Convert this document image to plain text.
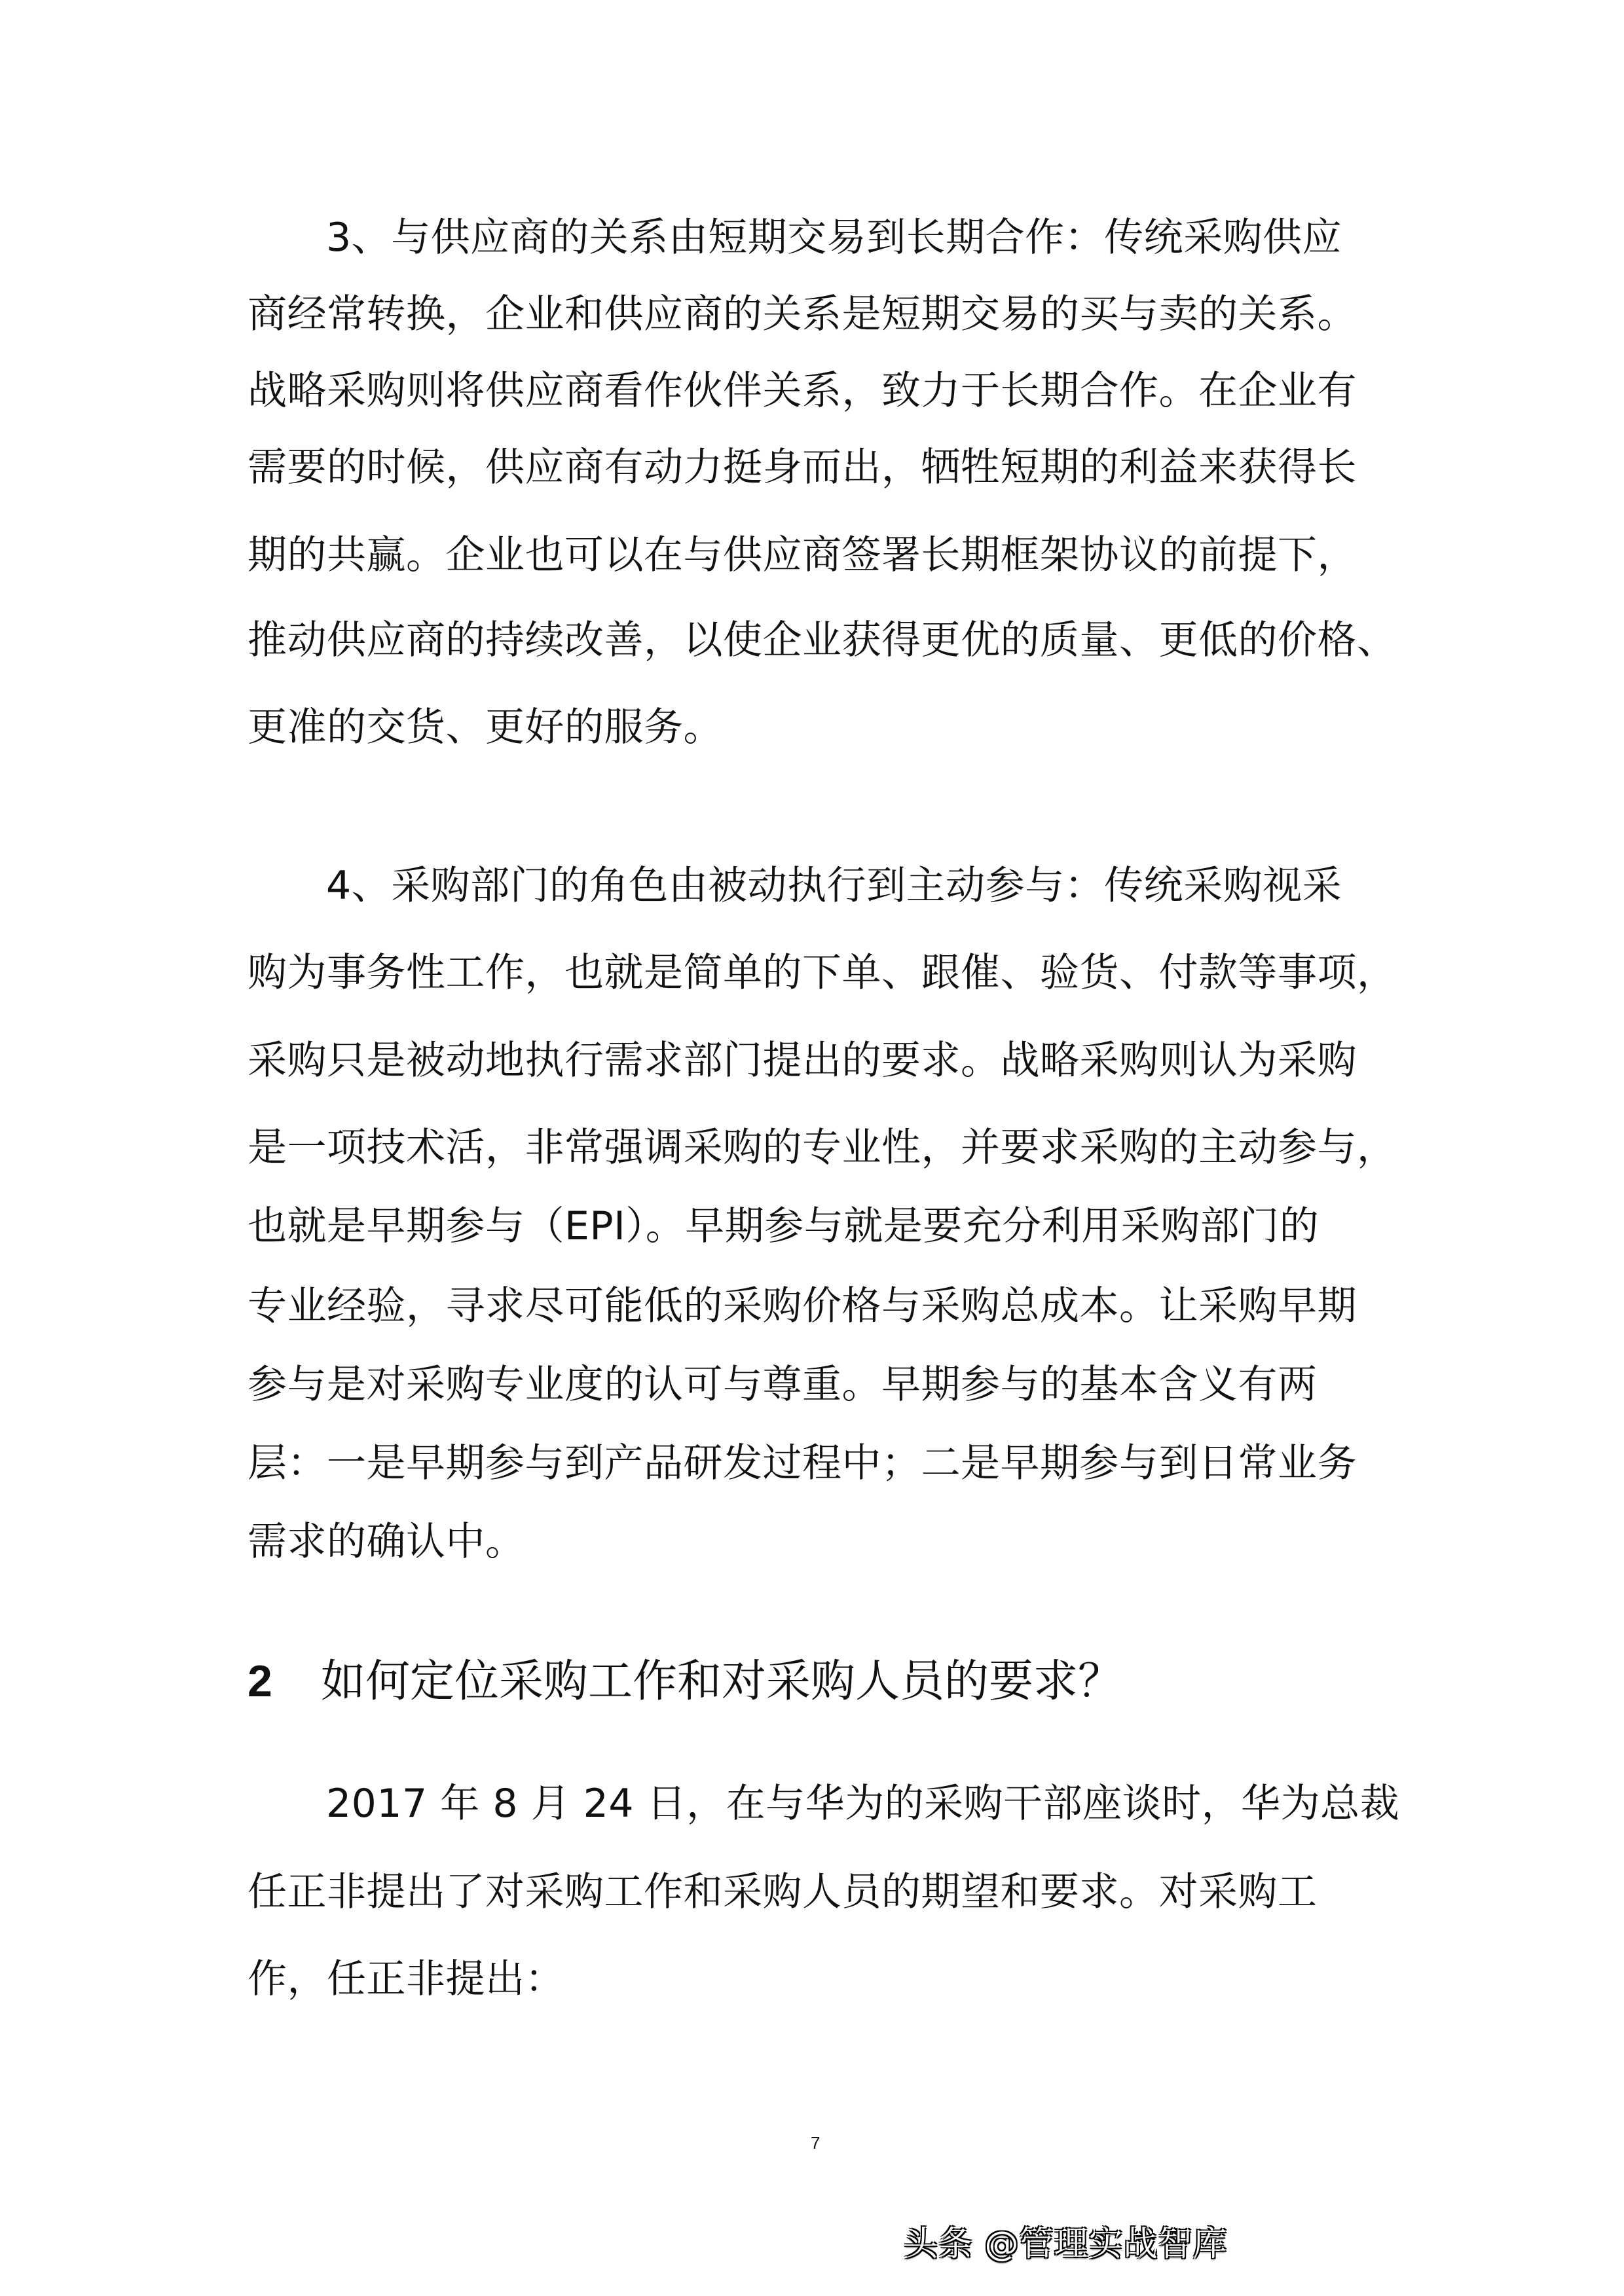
3、与供应商的关系由短期交易到长期合作：传统采购供应
商经常转换，企业和供应商的关系是短期交易的买与卖的关系。
战略采购则将供应商看作伙伴关系，致力于长期合作。在企业有
需要的时候，供应商有动力挺身而出，牺牲短期的利益来获得长
期的共赢。企业也可以在与供应商签署长期框架协议的前提下，
推动供应商的持续改善，以使企业获得更优的质量、更低的价格、
更准的交货、更好的服务。
4、采购部门的角色由被动执行到主动参与：传统采购视采
购为事务性工作，也就是简单的下单、跟催、验货、付款等事项，
采购只是被动地执行需求部门提出的要求。战略采购则认为采购
是一项技术活，非常强调采购的专业性，并要求采购的主动参与，
也就是早期参与（EPI）。早期参与就是要充分利用采购部门的
专业经验，寻求尽可能低的采购价格与采购总成本。让采购早期
参与是对采购专业度的认可与尊重。早期参与的基本含义有两
层：一是早期参与到产品研发过程中；二是早期参与到日常业务
需求的确认中。
2 如何定位采购工作和对采购人员的要求？
2017 年 8 月 24 日，在与华为的采购干部座谈时，华为总裁
任正非提出了对采购工作和采购人员的期望和要求。对采购工
作，任正非提出：
7
头条 @管理实战智库
